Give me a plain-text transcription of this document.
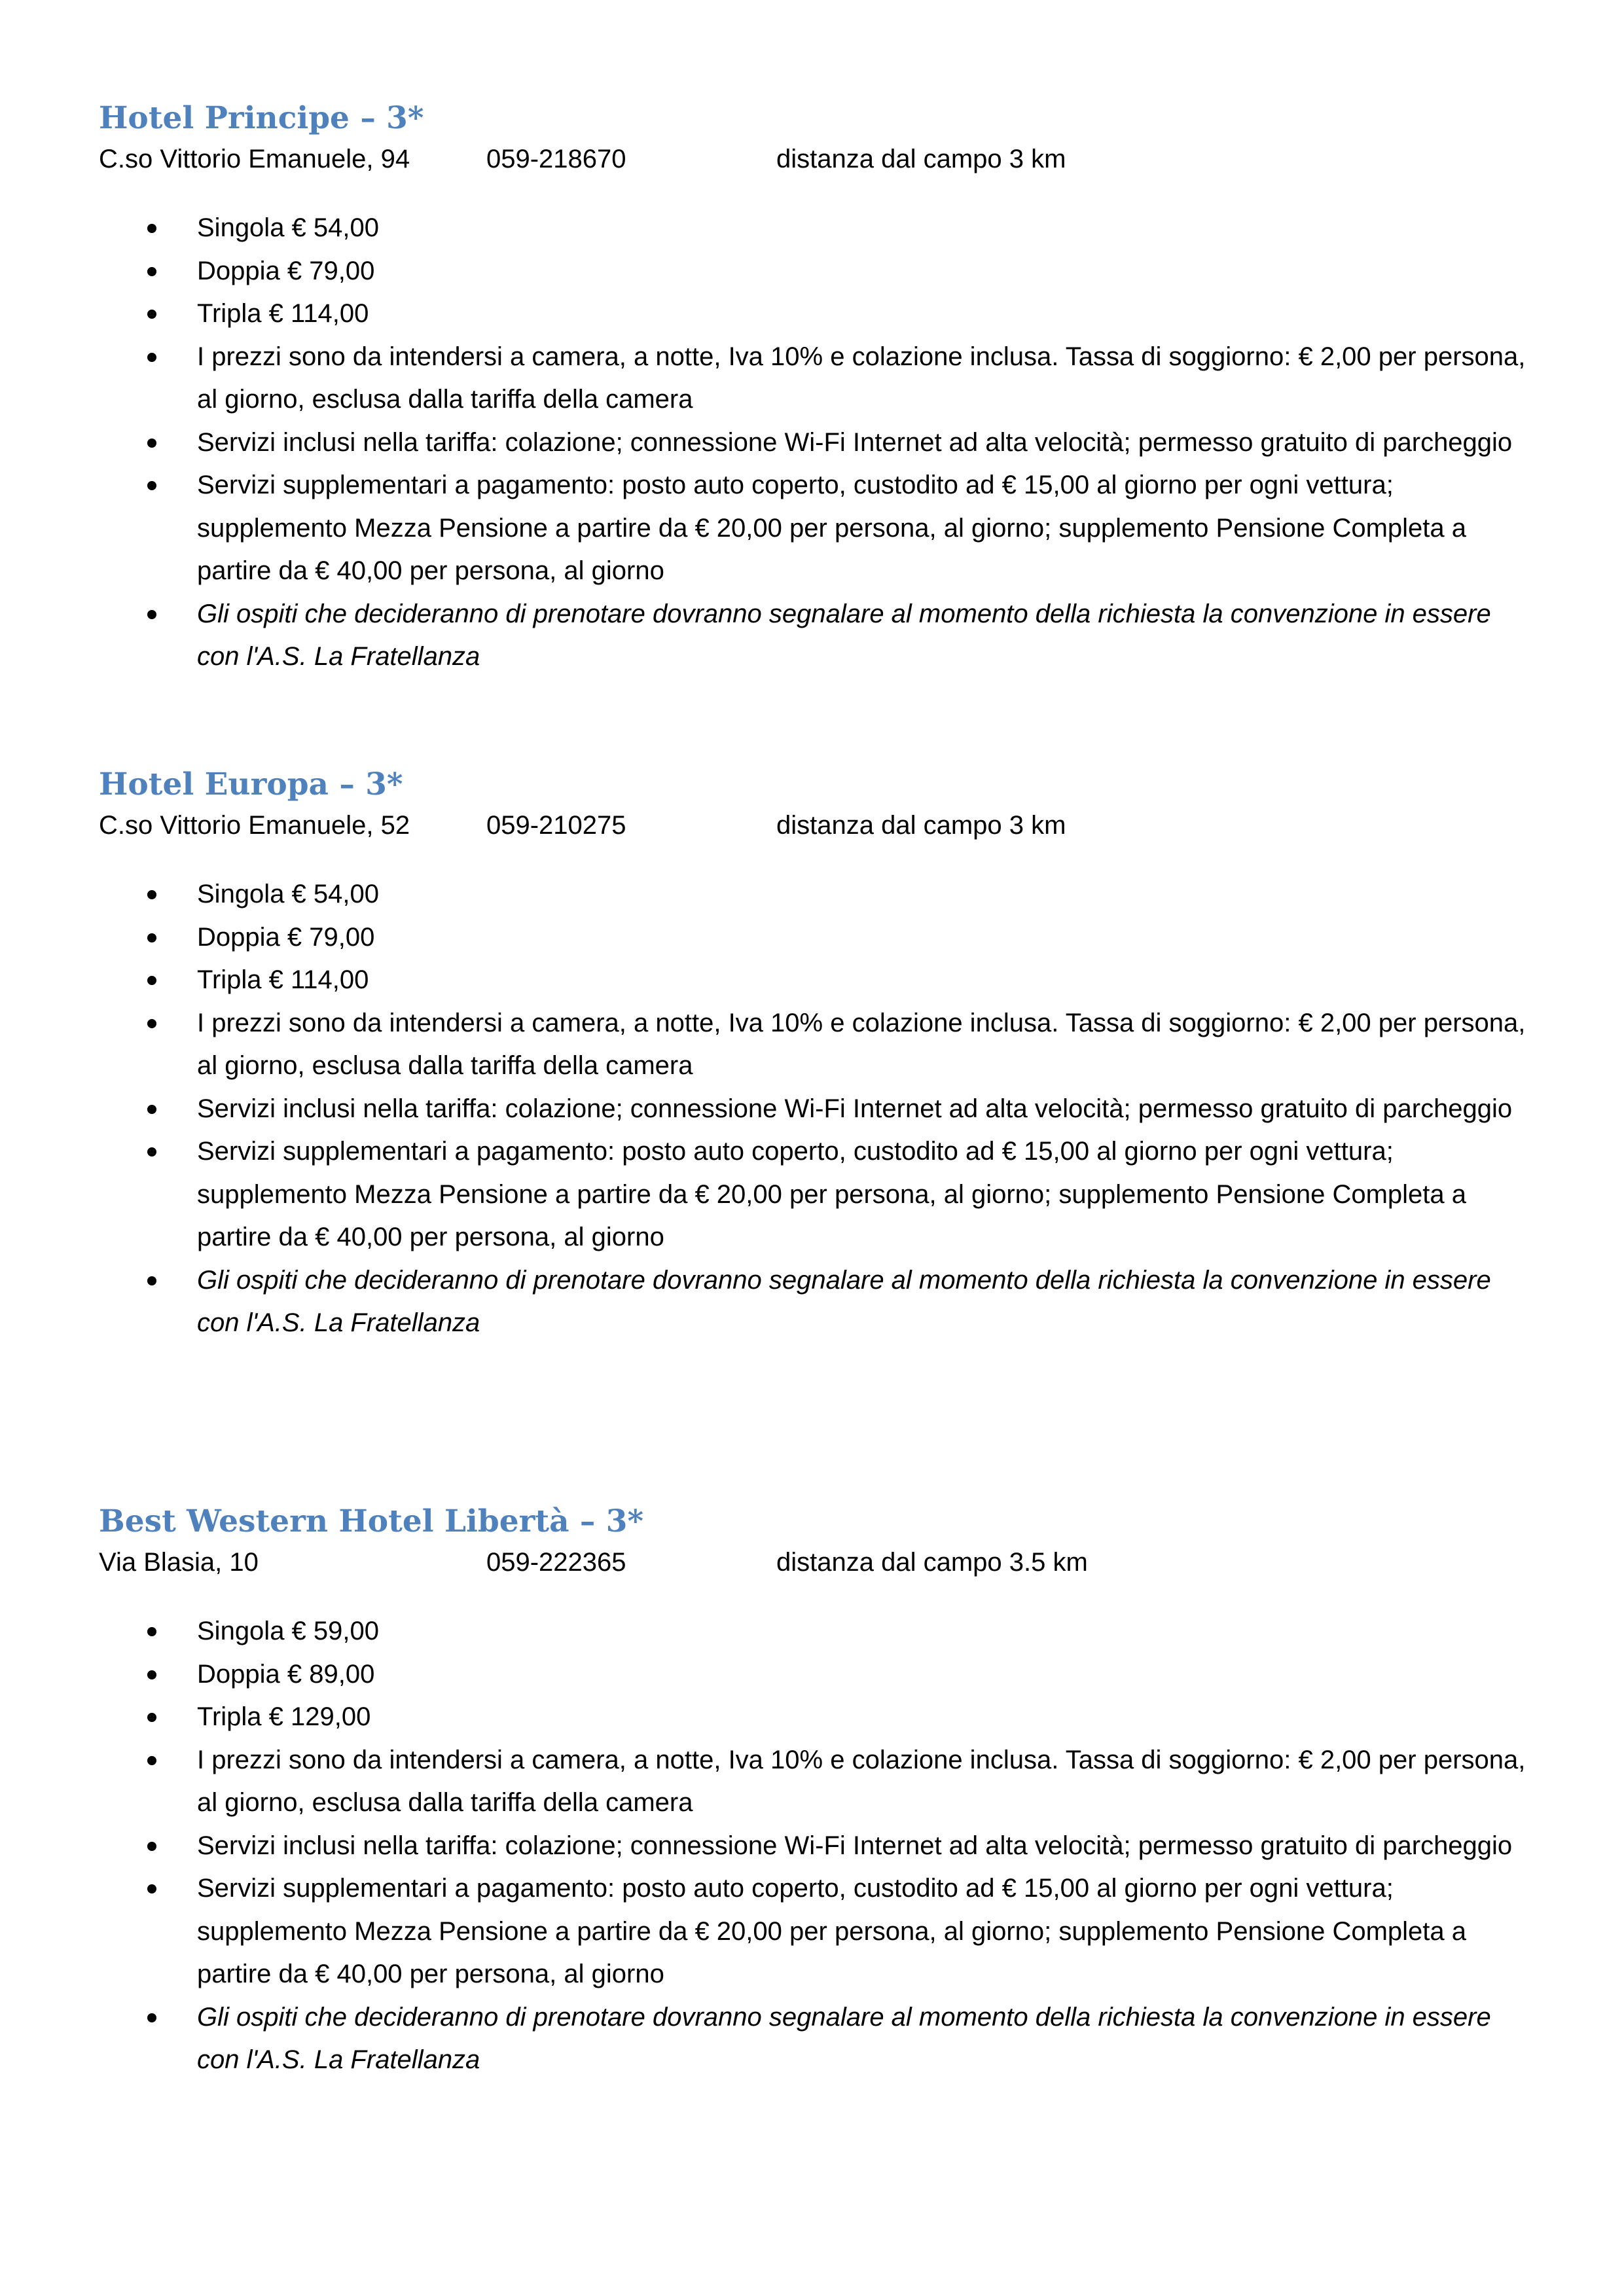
Hotel Principe – 3*
C.so Vittorio Emanuele, 94	059-218670	distanza dal campo 3 km
Singola € 54,00
Doppia € 79,00
Tripla € 114,00
I prezzi sono da intendersi a camera, a notte, Iva 10% e colazione inclusa. Tassa di soggiorno: € 2,00 per persona, al giorno, esclusa dalla tariffa della camera
Servizi inclusi nella tariffa: colazione; connessione Wi-Fi Internet ad alta velocità; permesso gratuito di parcheggio
Servizi supplementari a pagamento: posto auto coperto, custodito ad € 15,00 al giorno per ogni vettura; supplemento Mezza Pensione a partire da € 20,00 per persona, al giorno; supplemento Pensione Completa a partire da € 40,00 per persona, al giorno
Gli ospiti che decideranno di prenotare dovranno segnalare al momento della richiesta la convenzione in essere con l'A.S. La Fratellanza
Hotel Europa – 3*
C.so Vittorio Emanuele, 52	059-210275	distanza dal campo 3 km
Singola € 54,00
Doppia € 79,00
Tripla € 114,00
I prezzi sono da intendersi a camera, a notte, Iva 10% e colazione inclusa. Tassa di soggiorno: € 2,00 per persona, al giorno, esclusa dalla tariffa della camera
Servizi inclusi nella tariffa: colazione; connessione Wi-Fi Internet ad alta velocità; permesso gratuito di parcheggio
Servizi supplementari a pagamento: posto auto coperto, custodito ad € 15,00 al giorno per ogni vettura; supplemento Mezza Pensione a partire da € 20,00 per persona, al giorno; supplemento Pensione Completa a partire da € 40,00 per persona, al giorno
Gli ospiti che decideranno di prenotare dovranno segnalare al momento della richiesta la convenzione in essere con l'A.S. La Fratellanza
Best Western Hotel Libertà – 3*
Via Blasia, 10	059-222365	distanza dal campo 3.5 km
Singola € 59,00
Doppia € 89,00
Tripla € 129,00
I prezzi sono da intendersi a camera, a notte, Iva 10% e colazione inclusa. Tassa di soggiorno: € 2,00 per persona, al giorno, esclusa dalla tariffa della camera
Servizi inclusi nella tariffa: colazione; connessione Wi-Fi Internet ad alta velocità; permesso gratuito di parcheggio
Servizi supplementari a pagamento: posto auto coperto, custodito ad € 15,00 al giorno per ogni vettura; supplemento Mezza Pensione a partire da € 20,00 per persona, al giorno; supplemento Pensione Completa a partire da € 40,00 per persona, al giorno
Gli ospiti che decideranno di prenotare dovranno segnalare al momento della richiesta la convenzione in essere con l'A.S. La Fratellanza
